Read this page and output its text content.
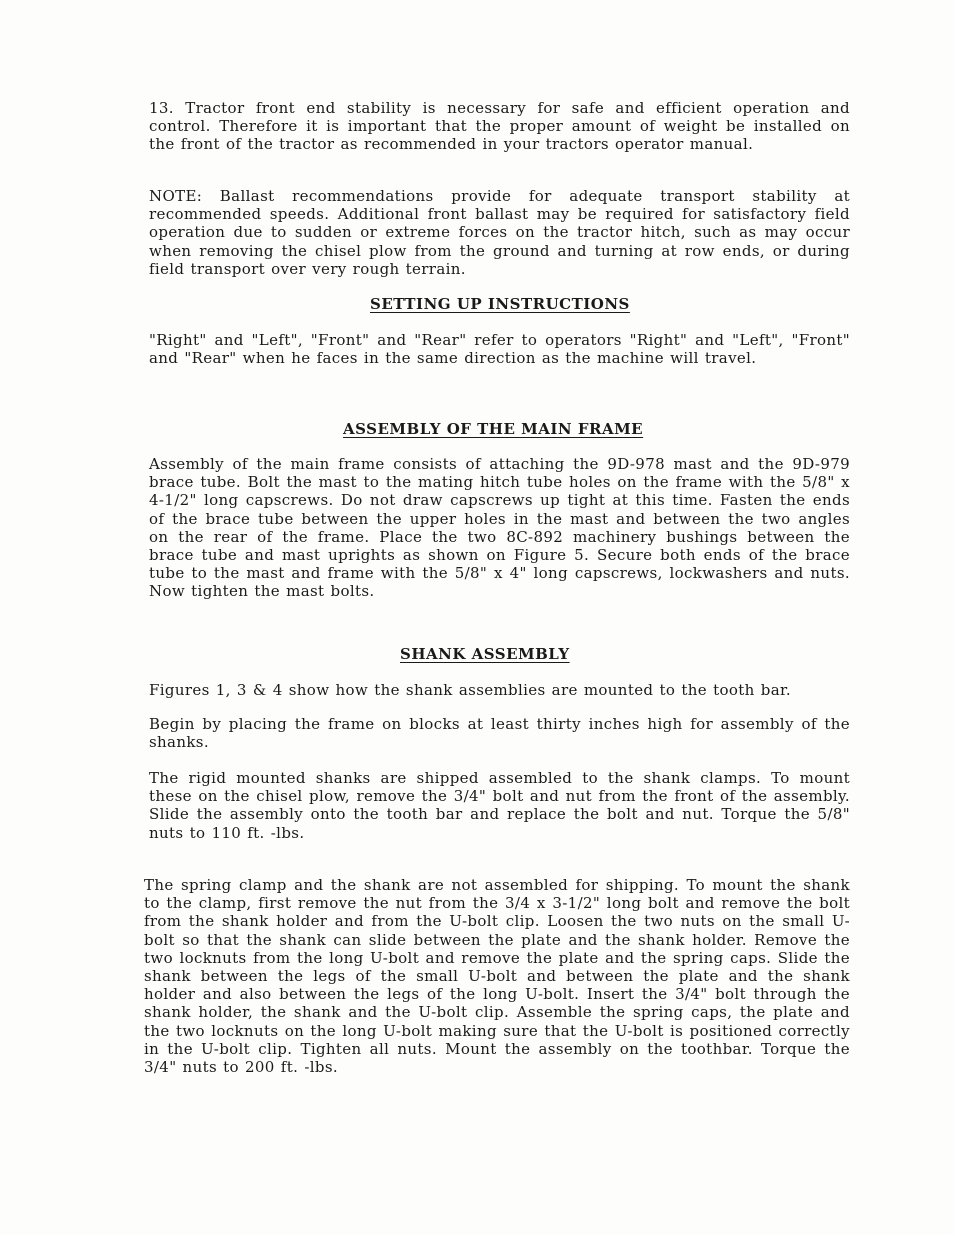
13. Tractor front end stability is necessary for safe and efficient operation and control. Therefore it is important that the proper amount of weight be installed on the front of the tractor as recommended in your tractors operator manual.

NOTE: Ballast recommendations provide for adequate transport stability at recommended speeds. Additional front ballast may be required for satisfactory field operation due to sudden or extreme forces on the tractor hitch, such as may occur when removing the chisel plow from the ground and turning at row ends, or during field transport over very rough terrain.

SETTING UP INSTRUCTIONS

"Right" and "Left", "Front" and "Rear" refer to operators "Right" and "Left", "Front" and "Rear" when he faces in the same direction as the machine will travel.

ASSEMBLY OF THE MAIN FRAME

Assembly of the main frame consists of attaching the 9D-978 mast and the 9D-979 brace tube. Bolt the mast to the mating hitch tube holes on the frame with the 5/8" x 4-1/2" long capscrews. Do not draw capscrews up tight at this time. Fasten the ends of the brace tube between the upper holes in the mast and between the two angles on the rear of the frame. Place the two 8C-892 machinery bushings between the brace tube and mast uprights as shown on Figure 5. Secure both ends of the brace tube to the mast and frame with the 5/8" x 4" long capscrews, lockwashers and nuts. Now tighten the mast bolts.

SHANK ASSEMBLY

Figures 1, 3 & 4 show how the shank assemblies are mounted to the tooth bar.

Begin by placing the frame on blocks at least thirty inches high for assembly of the shanks.

The rigid mounted shanks are shipped assembled to the shank clamps. To mount these on the chisel plow, remove the 3/4" bolt and nut from the front of the assembly. Slide the assembly onto the tooth bar and replace the bolt and nut. Torque the 5/8" nuts to 110 ft. -lbs.

The spring clamp and the shank are not assembled for shipping. To mount the shank to the clamp, first remove the nut from the 3/4 x 3-1/2" long bolt and remove the bolt from the shank holder and from the U-bolt clip. Loosen the two nuts on the small U-bolt so that the shank can slide between the plate and the shank holder. Remove the two locknuts from the long U-bolt and remove the plate and the spring caps. Slide the shank between the legs of the small U-bolt and between the plate and the shank holder and also between the legs of the long U-bolt. Insert the 3/4" bolt through the shank holder, the shank and the U-bolt clip. Assemble the spring caps, the plate and the two locknuts on the long U-bolt making sure that the U-bolt is positioned correctly in the U-bolt clip. Tighten all nuts. Mount the assembly on the toothbar. Torque the 3/4" nuts to 200 ft. -lbs.
